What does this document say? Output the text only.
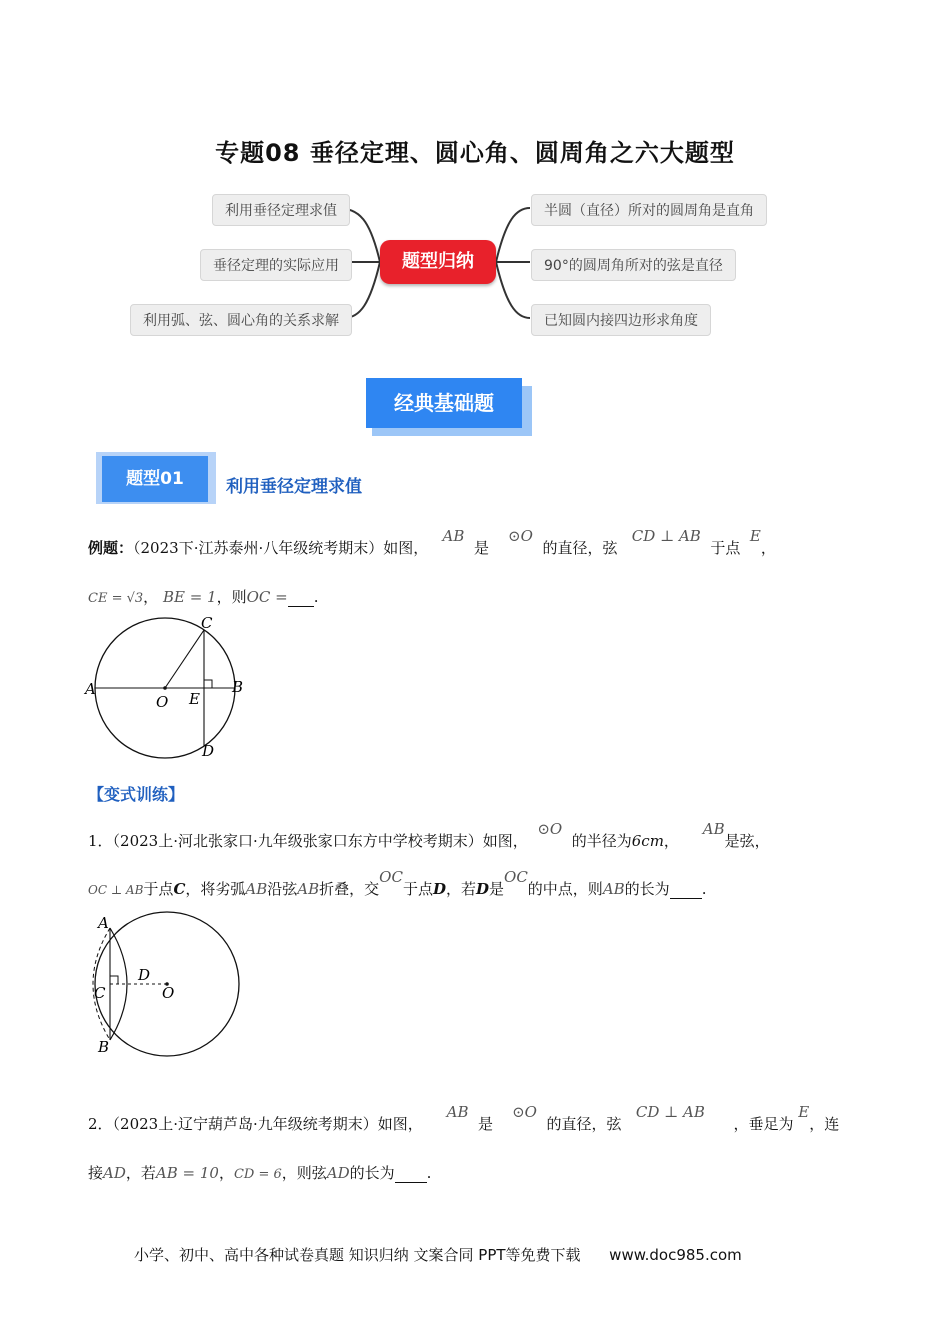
专题08 垂径定理、圆心角、圆周角之六大题型
利用垂径定理求值
垂径定理的实际应用
利用弧、弦、圆心角的关系求解
题型归纳
半圆（直径）所对的圆周角是直角
90°的圆周角所对的弦是直径
已知圆内接四边形求角度
经典基础题
题型01	利用垂径定理求值
例题：（2023下·江苏泰州·八年级统考期末）如图，   AB  是    ⊙O  的直径，弦   CD ⊥ AB  于点  E，
CE = √3， BE = 1，则OC = .
C
A
O E
B
D
【变式训练】
1．（2023上·河北张家口·九年级张家口东方中学校考期末）如图，  ⊙O  的半径为6cm，     AB是弦，
OC ⊥ AB于点C，将劣弧AB沿弦AB折叠，交OC于点D，若D是OC的中点，则AB的长为 .
A
D
O
C
B
2．（2023上·辽宁葫芦岛·九年级统考期末）如图，     AB  是    ⊙O  的直径，弦   CD ⊥ AB      ，垂足为 E，连
接AD，若AB = 10，CD = 6，则弦AD的长为 .
小学、初中、高中各种试卷真题 知识归纳 文案合同 PPT等免费下载 www.doc985.com
